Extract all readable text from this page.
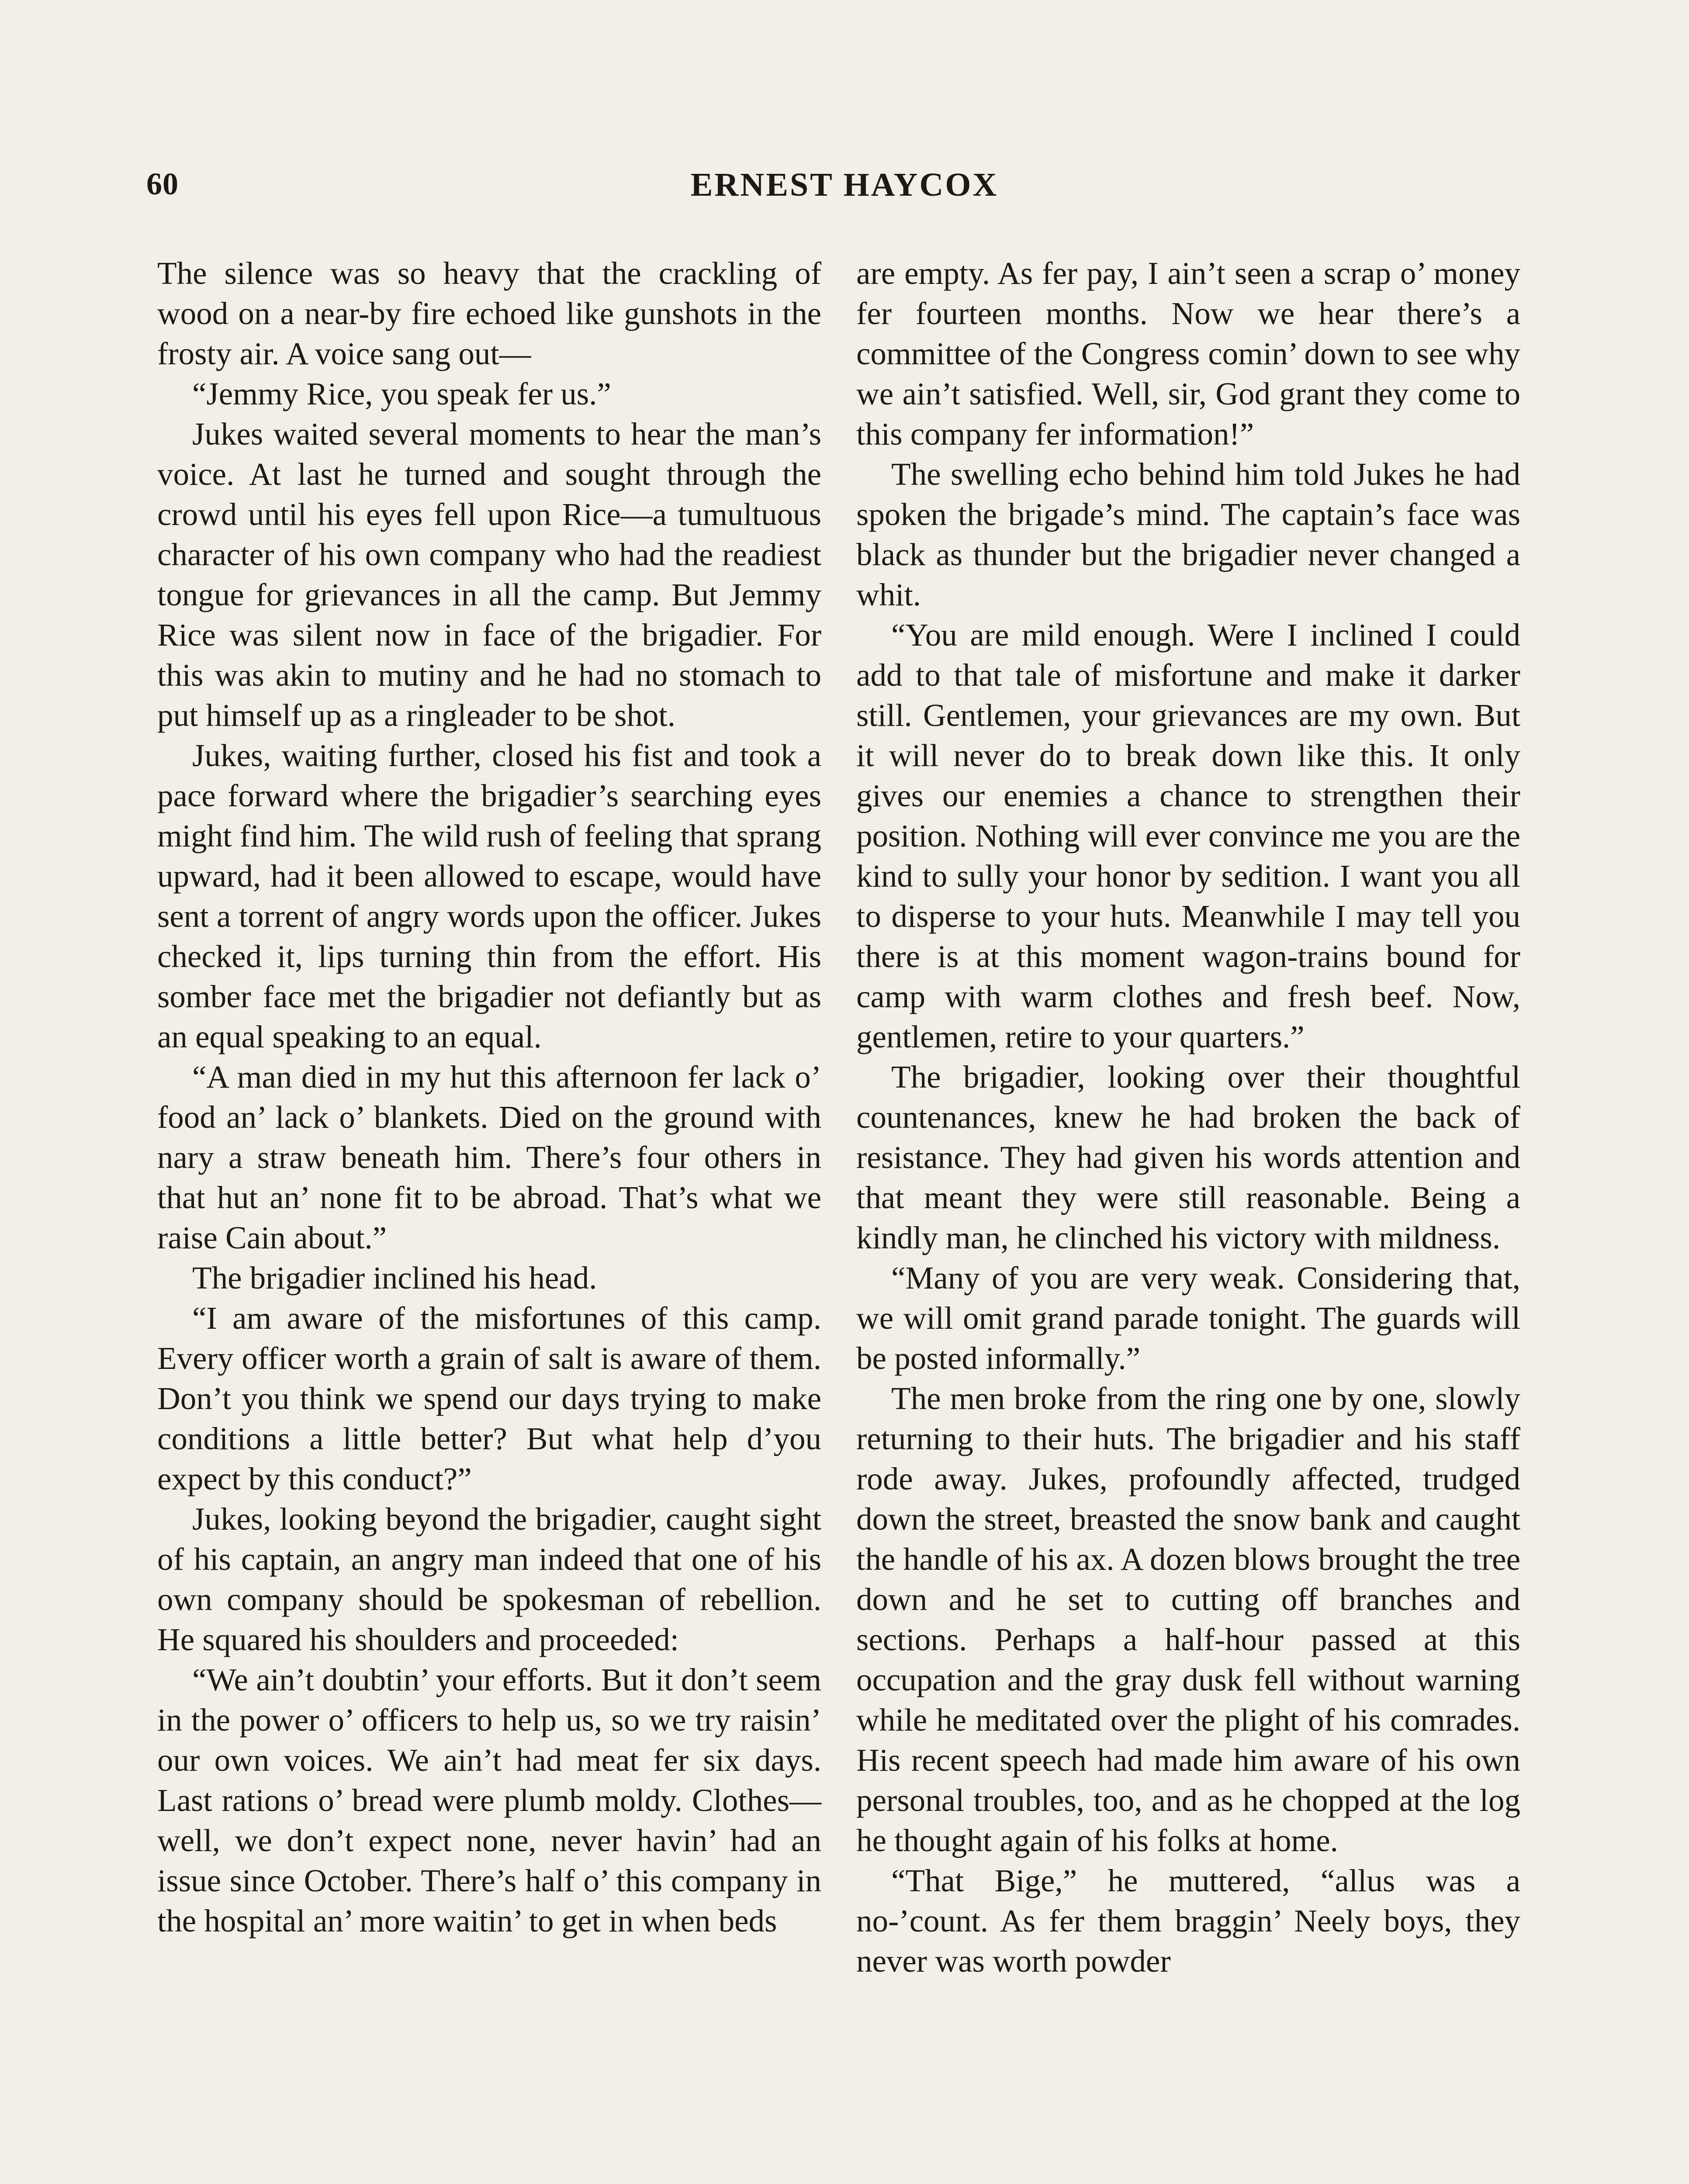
60	ERNEST HAYCOX

The silence was so heavy that the crackling of wood on a near-by fire echoed like gunshots in the frosty air. A voice sang out—

“Jemmy Rice, you speak fer us.”

Jukes waited several moments to hear the man’s voice. At last he turned and sought through the crowd until his eyes fell upon Rice—a tumultuous character of his own company who had the readiest tongue for grievances in all the camp. But Jemmy Rice was silent now in face of the brigadier. For this was akin to mutiny and he had no stomach to put himself up as a ringleader to be shot.

Jukes, waiting further, closed his fist and took a pace forward where the brigadier’s searching eyes might find him. The wild rush of feeling that sprang upward, had it been allowed to escape, would have sent a torrent of angry words upon the officer. Jukes checked it, lips turning thin from the effort. His somber face met the brigadier not defiantly but as an equal speaking to an equal.

“A man died in my hut this afternoon fer lack o’ food an’ lack o’ blankets. Died on the ground with nary a straw beneath him. There’s four others in that hut an’ none fit to be abroad. That’s what we raise Cain about.”

The brigadier inclined his head.

“I am aware of the misfortunes of this camp. Every officer worth a grain of salt is aware of them. Don’t you think we spend our days trying to make conditions a little better? But what help d’you expect by this conduct?”

Jukes, looking beyond the brigadier, caught sight of his captain, an angry man indeed that one of his own company should be spokesman of rebellion. He squared his shoulders and proceeded:

“We ain’t doubtin’ your efforts. But it don’t seem in the power o’ officers to help us, so we try raisin’ our own voices. We ain’t had meat fer six days. Last rations o’ bread were plumb moldy. Clothes—well, we don’t expect none, never havin’ had an issue since October. There’s half o’ this company in the hospital an’ more waitin’ to get in when beds

are empty. As fer pay, I ain’t seen a scrap o’ money fer fourteen months. Now we hear there’s a committee of the Congress comin’ down to see why we ain’t satisfied. Well, sir, God grant they come to this company fer information!”

The swelling echo behind him told Jukes he had spoken the brigade’s mind. The captain’s face was black as thunder but the brigadier never changed a whit.

“You are mild enough. Were I inclined I could add to that tale of misfortune and make it darker still. Gentlemen, your grievances are my own. But it will never do to break down like this. It only gives our enemies a chance to strengthen their position. Nothing will ever convince me you are the kind to sully your honor by sedition. I want you all to disperse to your huts. Meanwhile I may tell you there is at this moment wagon-trains bound for camp with warm clothes and fresh beef. Now, gentlemen, retire to your quarters.”

The brigadier, looking over their thoughtful countenances, knew he had broken the back of resistance. They had given his words attention and that meant they were still reasonable. Being a kindly man, he clinched his victory with mildness.

“Many of you are very weak. Considering that, we will omit grand parade tonight. The guards will be posted informally.”

The men broke from the ring one by one, slowly returning to their huts. The brigadier and his staff rode away. Jukes, profoundly affected, trudged down the street, breasted the snow bank and caught the handle of his ax. A dozen blows brought the tree down and he set to cutting off branches and sections. Perhaps a half-hour passed at this occupation and the gray dusk fell without warning while he meditated over the plight of his comrades. His recent speech had made him aware of his own personal troubles, too, and as he chopped at the log he thought again of his folks at home.

“That Bige,” he muttered, “allus was a no-’count. As fer them braggin’ Neely boys, they never was worth powder
